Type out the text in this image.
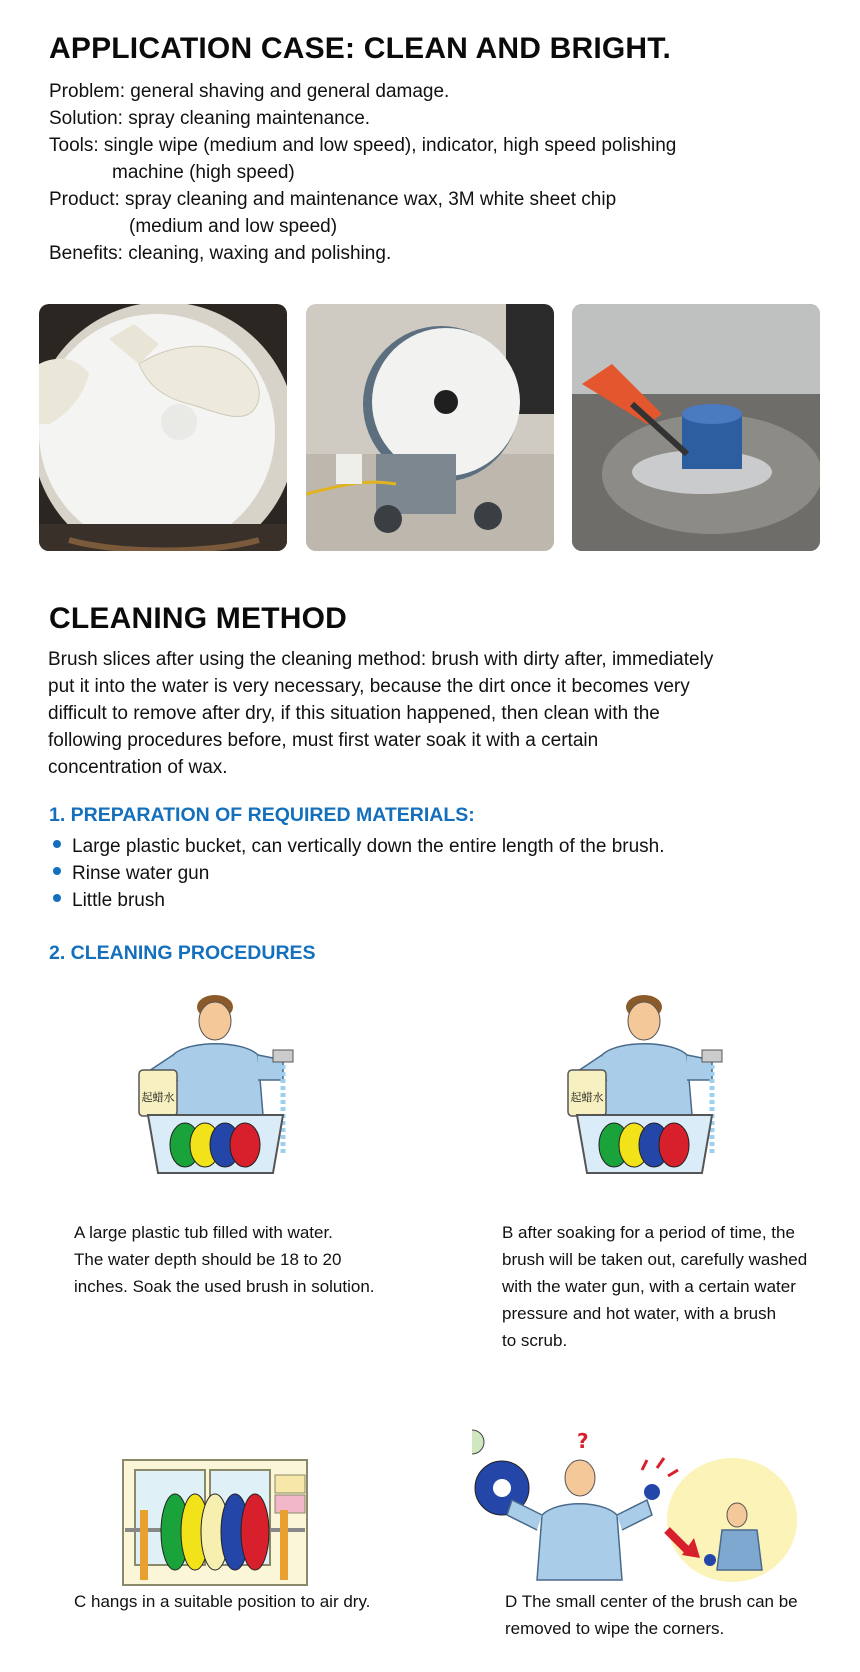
APPLICATION CASE: CLEAN AND BRIGHT.
Problem: general shaving and general damage.
Solution: spray cleaning maintenance.
Tools: single wipe (medium and low speed), indicator, high speed polishing
machine (high speed)
Product: spray cleaning and maintenance wax, 3M white sheet chip
(medium and low speed)
Benefits: cleaning, waxing and polishing.
CLEANING METHOD
Brush slices after using the cleaning method: brush with dirty after, immediately
put it into the water is very necessary, because the dirt once it becomes very
difficult to remove after dry, if this situation happened, then clean with the
following procedures before, must first water soak it with a certain
concentration of wax.
1. PREPARATION OF REQUIRED MATERIALS:
Large plastic bucket, can vertically down the entire length of the brush.
Rinse water gun
Little brush
2. CLEANING PROCEDURES
起蜡水	起蜡水
A large plastic tub filled with water.
The water depth should be 18 to 20
inches. Soak the used brush in solution.
B after soaking for a period of time, the
brush will be taken out, carefully washed
with the water gun, with a certain water
pressure and hot water, with a brush
to scrub.
?
C hangs in a suitable position to air dry.	D The small center of the brush can be
removed to wipe the corners.
